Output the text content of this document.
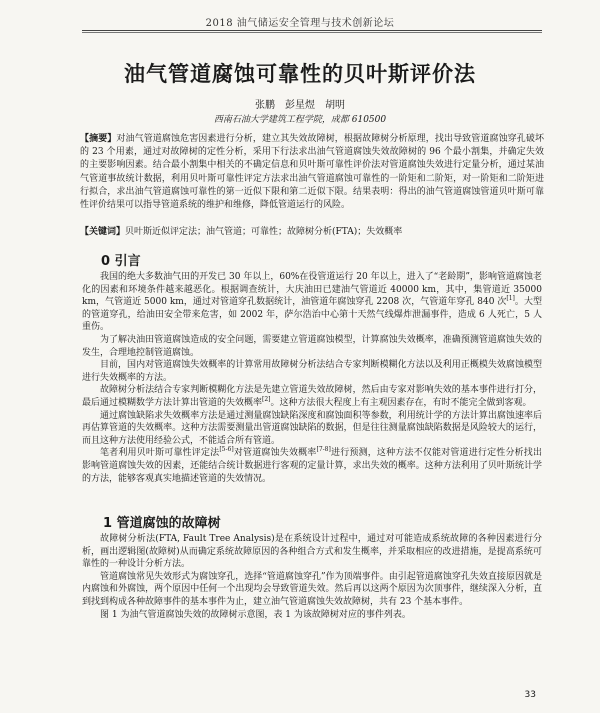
2018 油气储运安全管理与技术创新论坛
油气管道腐蚀可靠性的贝叶斯评价法
张鹏　彭星煜　胡明
西南石油大学建筑工程学院，成都 610500
【摘要】对油气管道腐蚀危害因素进行分析，建立其失效故障树，根据故障树分析原理，找出导致管道腐蚀穿孔破坏的 23 个用素，通过对故障树的定性分析，采用下行法求出油气管道腐蚀失效故障树的 96 个最小割集，并确定失效的主要影响因素。结合最小割集中相关的不确定信息和贝叶斯可靠性评价法对管道腐蚀失效进行定量分析，通过某油气管道事故统计数据，利用贝叶斯可靠性评定方法求出油气管道腐蚀可靠性的一阶矩和二阶矩，对一阶矩和二阶矩进行拟合，求出油气管道腐蚀可靠性的第一近似下限和第二近似下限。结果表明：得出的油气管道腐蚀管道贝叶斯可靠性评价结果可以指导管道系统的维护和维修，降低管道运行的风险。
【关键词】贝叶斯近似评定法；油气管道；可靠性；故障树分析(FTA)；失效概率
0 引言

我国的绝大多数油气田的开发已 30 年以上，60%在役管道运行 20 年以上，进入了“老龄期”，影响管道腐蚀老化的因素和环境条件越来越恶化。根据调查统计，大庆油田已建油气管道近 40000 km，其中，集管道近 35000 km，气管道近 5000 km，通过对管道穿孔数据统计，油管道年腐蚀穿孔 2208 次，气管道年穿孔 840 次[1]。大型的管道穿孔，给油田安全带来危害，如 2002 年，萨尔浩治中心第十天然气线爆炸泄漏事件，造成 6 人死亡，5 人重伤。

为了解决油田管道腐蚀造成的安全问题，需要建立管道腐蚀模型，计算腐蚀失效概率，准确预测管道腐蚀失效的发生，合理地控制管道腐蚀。

目前，国内对管道腐蚀失效概率的计算常用故障树分析法结合专家判断模糊化方法以及利用正概模失效腐蚀模型进行失效概率的方法。

故障树分析法结合专家判断模糊化方法是先建立管道失效故障树，然后由专家对影响失效的基本事件进行打分，最后通过模糊数学方法计算出管道的失效概率[2]。这种方法很大程度上有主观因素存在，有时不能完全做到客观。

通过腐蚀缺陷求失效概率方法是通过测量腐蚀缺陷深度和腐蚀面积等参数，利用统计学的方法计算出腐蚀速率后再估算管道的失效概率。这种方法需要测量出管道腐蚀缺陷的数据，但是往往测量腐蚀缺陷数据是风险较大的运行，而且这种方法使用经验公式，不能适合所有管道。

笔者利用贝叶斯可靠性评定法[5-6]对管道腐蚀失效概率[7-8]进行预测，这种方法不仅能对管道进行定性分析找出影响管道腐蚀失效的因素，还能结合统计数据进行客观的定量计算，求出失效的概率。这种方法利用了贝叶斯统计学的方法，能够客观真实地描述管道的失效情况。

1 管道腐蚀的故障树

故障树分析法(FTA, Fault Tree Analysis)是在系统设计过程中，通过对可能造成系统故障的各种因素进行分析，画出逻辑图(故障树)从而确定系统故障原因的各种组合方式和发生概率，并采取相应的改进措施，是提高系统可靠性的一种设计分析方法。

管道腐蚀常见失效形式为腐蚀穿孔，选择“管道腐蚀穿孔”作为顶端事件。由引起管道腐蚀穿孔失效直接原因就是内腐蚀和外腐蚀，两个原因中任何一个出现均会导致管道失效。然后再以这两个原因为次顶事件，继续深入分析，直到找到构成各种故障事件的基本事件为止，建立油气管道腐蚀失效故障树，共有 23 个基本事件。

图 1 为油气管道腐蚀失效的故障树示意图，表 1 为该故障树对应的事件列表。

33
